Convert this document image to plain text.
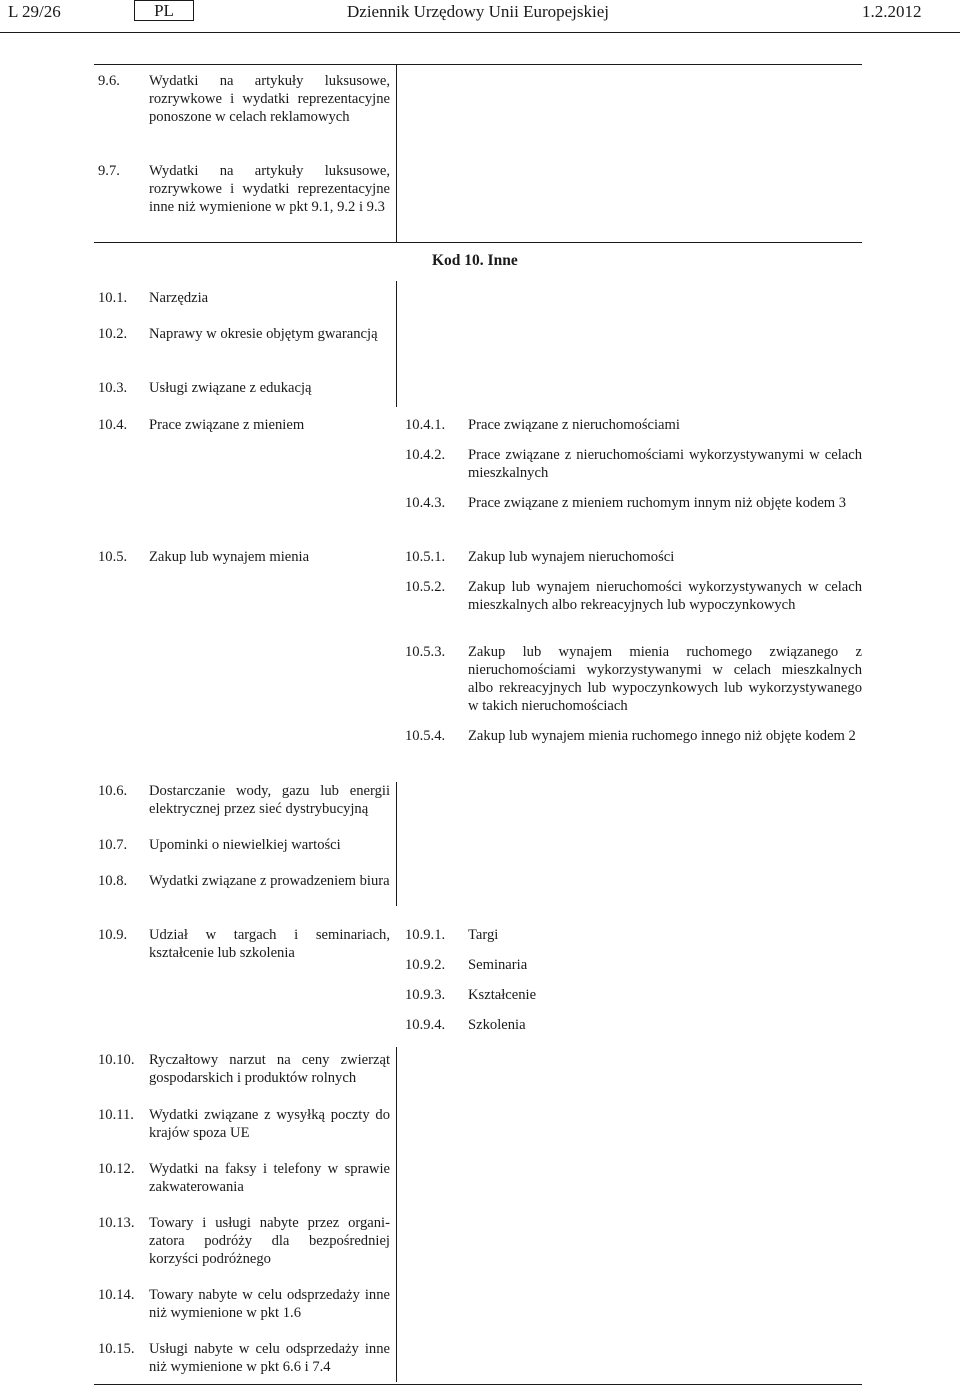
L 29/26	PL	Dziennik Urzędowy Unii Europejskiej	1.2.2012
Kod 10. Inne
9.6. Wydatki na artykuły luksusowe, rozrywkowe i wydatki reprezentacyjne ponoszone w celach reklamowych
9.7. Wydatki na artykuły luksusowe, rozrywkowe i wydatki reprezentacyjne inne niż wymienione w pkt 9.1, 9.2 i 9.3
10.1. Narzędzia
10.2. Naprawy w okresie objętym gwarancją
10.3. Usługi związane z edukacją
10.4. Prace związane z mieniem
10.5. Zakup lub wynajem mienia
10.6. Dostarczanie wody, gazu lub energii elektrycznej przez sieć dystrybucyjną
10.7. Upominki o niewielkiej wartości
10.8. Wydatki związane z prowadzeniem biura
10.9. Udział w targach i seminariach, kształcenie lub szkolenia
10.10. Ryczałtowy narzut na ceny zwierząt gospodarskich i produktów rolnych
10.11. Wydatki związane z wysyłką poczty do krajów spoza UE
10.12. Wydatki na faksy i telefony w sprawie zakwaterowania
10.13. Towary i usługi nabyte przez organizatora podróży dla bezpośredniej korzyści podróżnego
10.14. Towary nabyte w celu odsprzedaży inne niż wymienione w pkt 1.6
10.15. Usługi nabyte w celu odsprzedaży inne niż wymienione w pkt 6.6 i 7.4
10.4.1. Prace związane z nieruchomościami
10.4.2. Prace związane z nieruchomościami wykorzystywanymi w celach mieszkalnych
10.4.3. Prace związane z mieniem ruchomym innym niż objęte kodem 3
10.5.1. Zakup lub wynajem nieruchomości
10.5.2. Zakup lub wynajem nieruchomości wykorzystywanych w celach mieszkalnych albo rekreacyjnych lub wypoczynkowych
10.5.3. Zakup lub wynajem mienia ruchomego związanego z nieruchomościami wykorzystywanymi w celach mieszkalnych albo rekreacyjnych lub wypoczynkowych lub wykorzystywanego w takich nieruchomościach
10.5.4. Zakup lub wynajem mienia ruchomego innego niż objęte kodem 2
10.9.1. Targi
10.9.2. Seminaria
10.9.3. Kształcenie
10.9.4. Szkolenia
